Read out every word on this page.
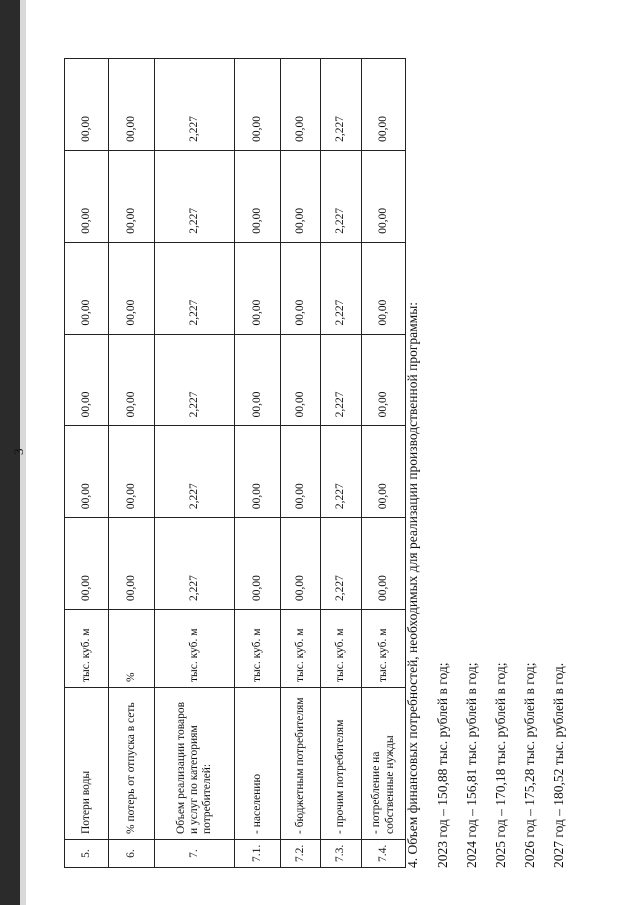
3
5.	Потери воды	тыс. куб. м	00,00	00,00	00,00	00,00	00,00	00,00
6.	% потерь от отпуска в сеть	%	00,00	00,00	00,00	00,00	00,00	00,00
7.	Объем реализации товаров и услуг по категориям потребителей:	тыс. куб. м	2,227	2,227	2,227	2,227	2,227	2,227
7.1.	- населению	тыс. куб. м	00,00	00,00	00,00	00,00	00,00	00,00
7.2.	- бюджетным потребителям	тыс. куб. м	00,00	00,00	00,00	00,00	00,00	00,00
7.3.	- прочим потребителям	тыс. куб. м	2,227	2,227	2,227	2,227	2,227	2,227
7.4.	- потребление на собственные нужды	тыс. куб. м	00,00	00,00	00,00	00,00	00,00	00,00
4. Объем финансовых потребностей, необходимых для реализации производственной программы: 2023 год – 150,88 тыс. рублей в год; 2024 год – 156,81 тыс. рублей в год; 2025 год – 170,18 тыс. рублей в год; 2026 год – 175,28 тыс. рублей в год; 2027 год – 180,52 тыс. рублей в год.
